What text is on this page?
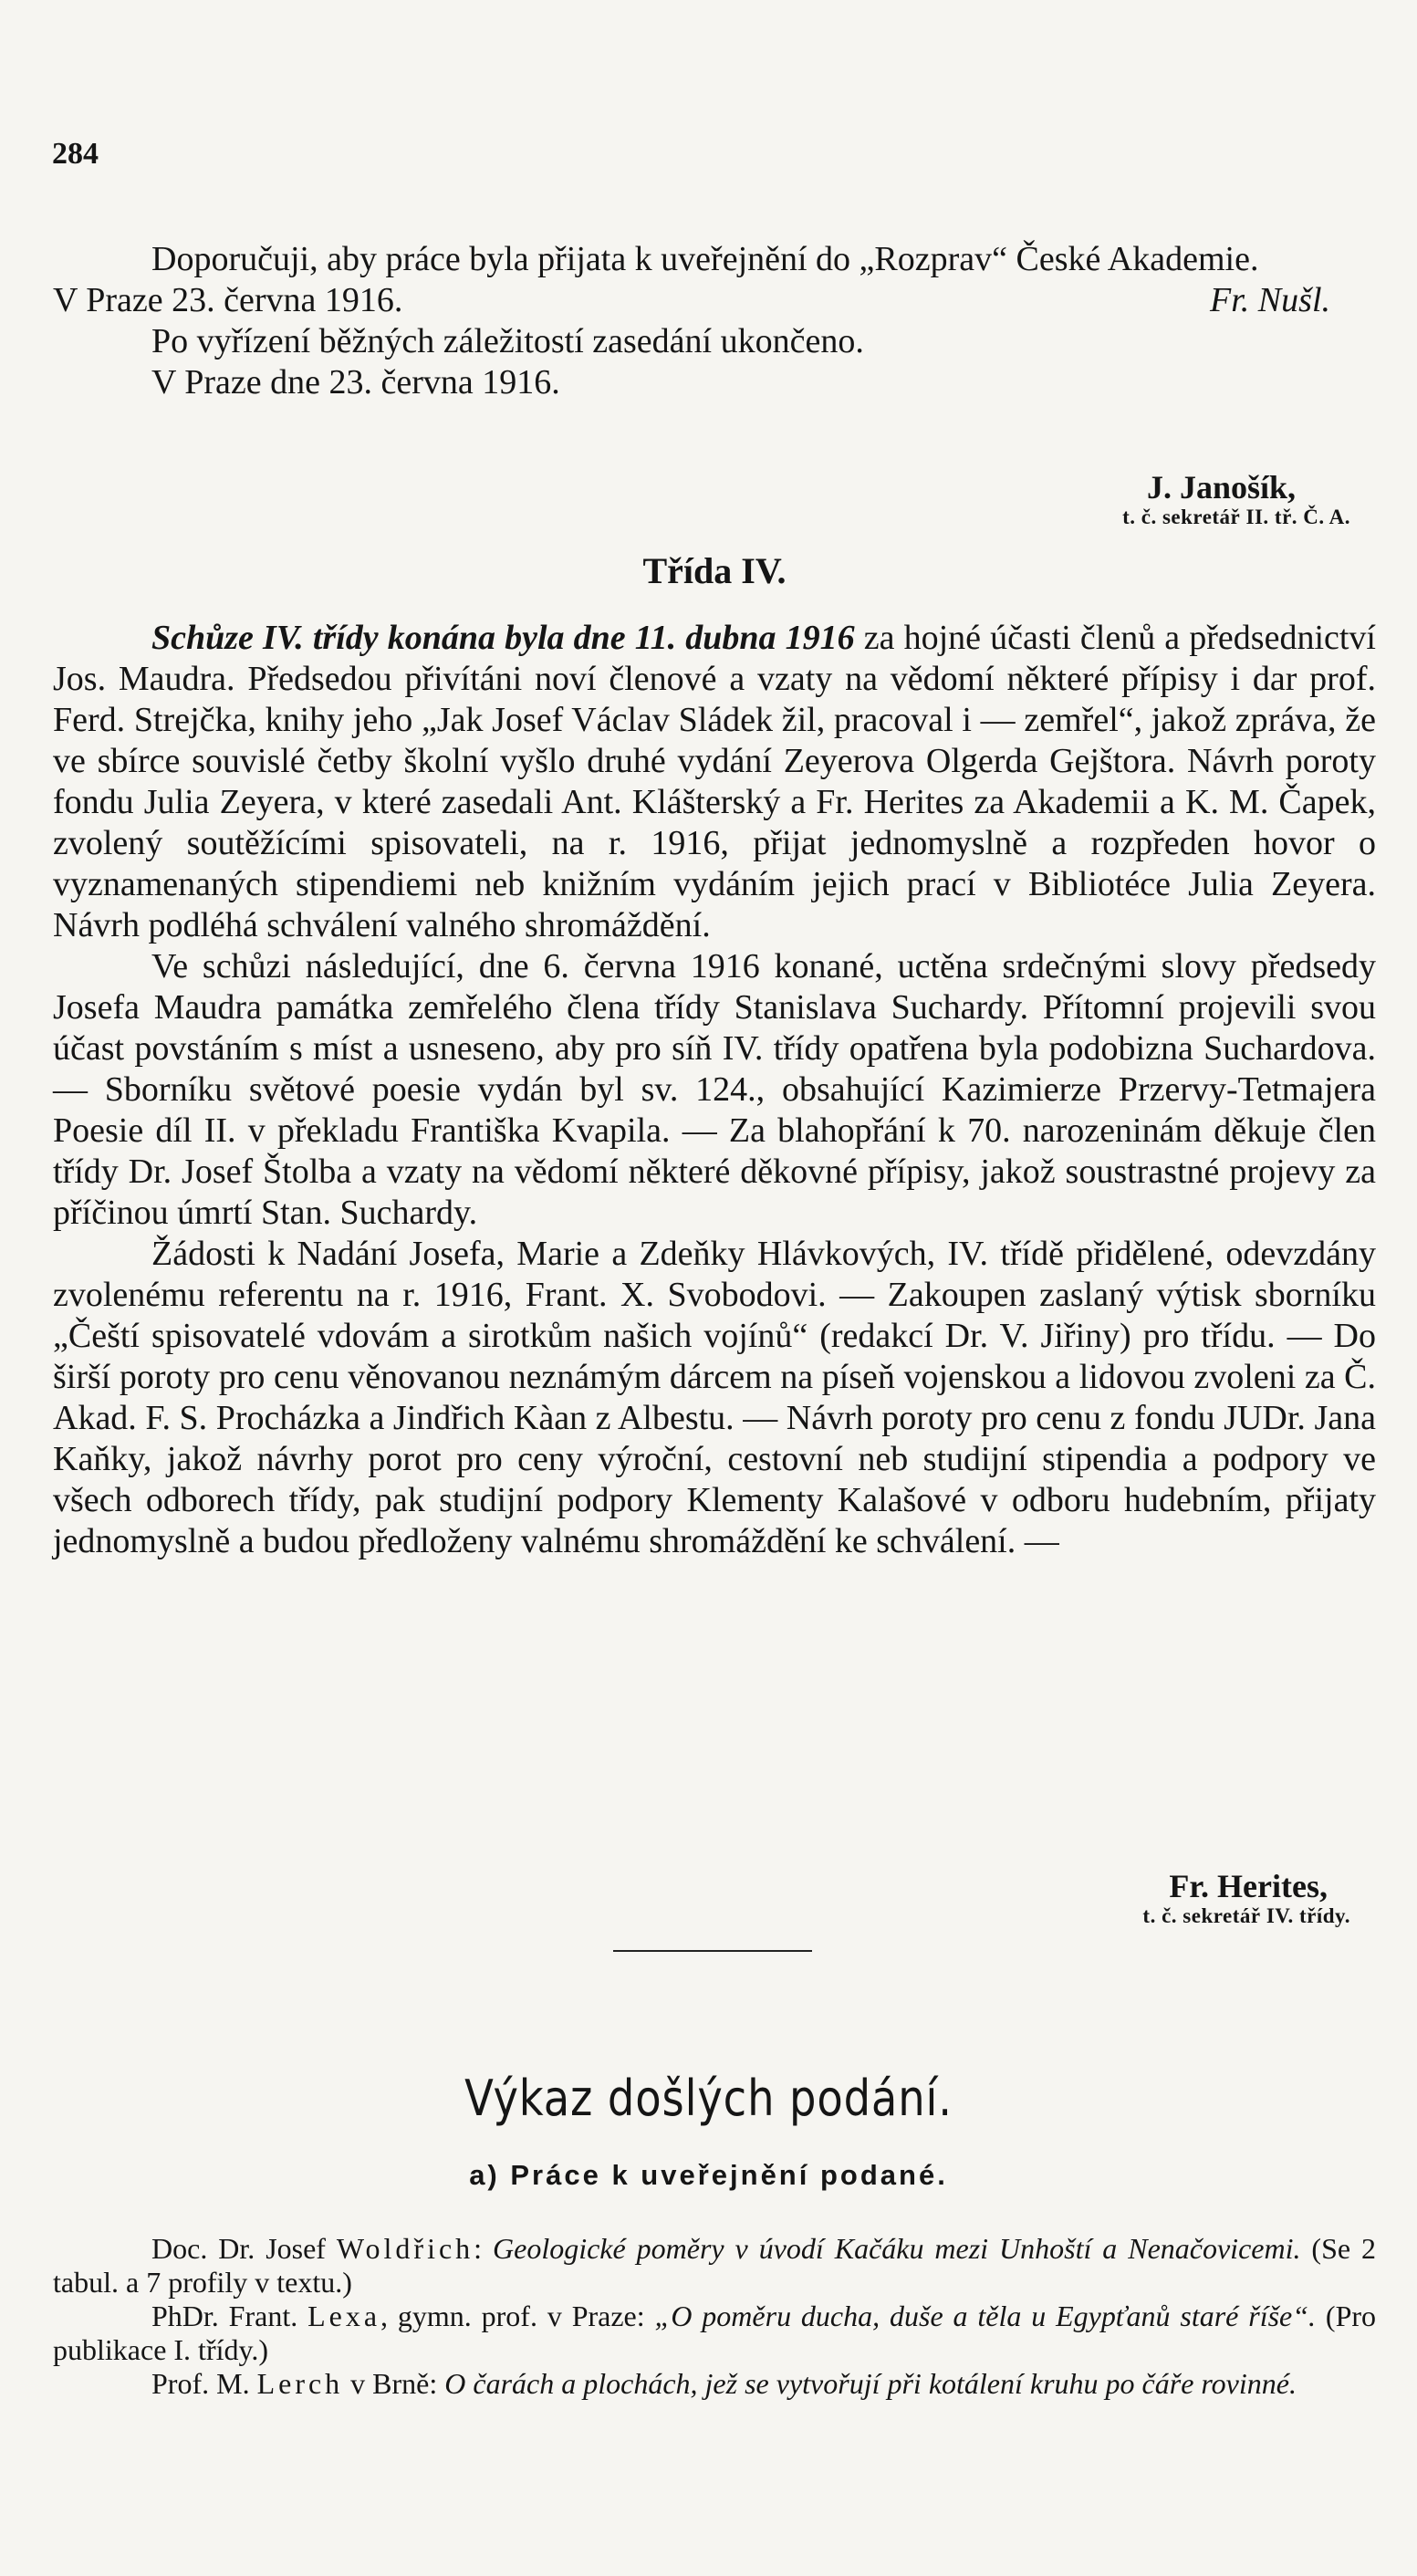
284

Doporučuji, aby práce byla přijata k uveřejnění do „Rozprav“ České Akademie.

V Praze 23. června 1916.	Fr. Nušl.

Po vyřízení běžných záležitostí zasedání ukončeno.

V Praze dne 23. června 1916.

J. Janošík,
t. č. sekretář II. tř. Č. A.
Třída IV.

Schůze IV. třídy konána byla dne 11. dubna 1916 za hojné účasti členů a předsednictví Jos. Maudra. Předsedou přivítáni noví členové a vzaty na vědomí některé přípisy i dar prof. Ferd. Strejčka, knihy jeho „Jak Josef Václav Sládek žil, pracoval i — zemřel“, jakož zpráva, že ve sbírce souvislé četby školní vyšlo druhé vydání Zeyerova Olgerda Gejštora. Návrh poroty fondu Julia Zeyera, v které zasedali Ant. Klášterský a Fr. Herites za Akademii a K. M. Čapek, zvolený soutěžícími spisovateli, na r. 1916, přijat jednomyslně a rozpředen hovor o vyznamenaných stipendiemi neb knižním vydáním jejich prací v Bibliotéce Julia Zeyera. Návrh podléhá schválení valného shromáždění.

Ve schůzi následující, dne 6. června 1916 konané, uctěna srdečnými slovy předsedy Josefa Maudra památka zemřelého člena třídy Stanislava Suchardy. Přítomní projevili svou účast povstáním s míst a usneseno, aby pro síň IV. třídy opatřena byla podobizna Suchardova. — Sborníku světové poesie vydán byl sv. 124., obsahující Kazimierze Przervy-Tetmajera Poesie díl II. v překladu Františka Kvapila. — Za blahopřání k 70. narozeninám děkuje člen třídy Dr. Josef Štolba a vzaty na vědomí některé děkovné přípisy, jakož soustrastné projevy za příčinou úmrtí Stan. Suchardy.

Žádosti k Nadání Josefa, Marie a Zdeňky Hlávkových, IV. třídě přidělené, odevzdány zvolenému referentu na r. 1916, Frant. X. Svobodovi. — Zakoupen zaslaný výtisk sborníku „Čeští spisovatelé vdovám a sirotkům našich vojínů“ (redakcí Dr. V. Jiřiny) pro třídu. — Do širší poroty pro cenu věnovanou neznámým dárcem na píseň vojenskou a lidovou zvoleni za Č. Akad. F. S. Procházka a Jindřich Kàan z Albestu. — Návrh poroty pro cenu z fondu JUDr. Jana Kaňky, jakož návrhy porot pro ceny výroční, cestovní neb studijní stipendia a podpory ve všech odborech třídy, pak studijní podpory Klementy Kalašové v odboru hudebním, přijaty jednomyslně a budou předloženy valnému shromáždění ke schválení. —

Fr. Herites,
t. č. sekretář IV. třídy.
Výkaz došlých podání.
a) Práce k uveřejnění podané.

Doc. Dr. Josef Woldřich: Geologické poměry v úvodí Kačáku mezi Unhoští a Nenačovicemi. (Se 2 tabul. a 7 profily v textu.)

PhDr. Frant. Lexa, gymn. prof. v Praze: „O poměru ducha, duše a těla u Egypťanů staré říše“. (Pro publikace I. třídy.)

Prof. M. Lerch v Brně: O čarách a plochách, jež se vytvořují při kotálení kruhu po čáře rovinné.
